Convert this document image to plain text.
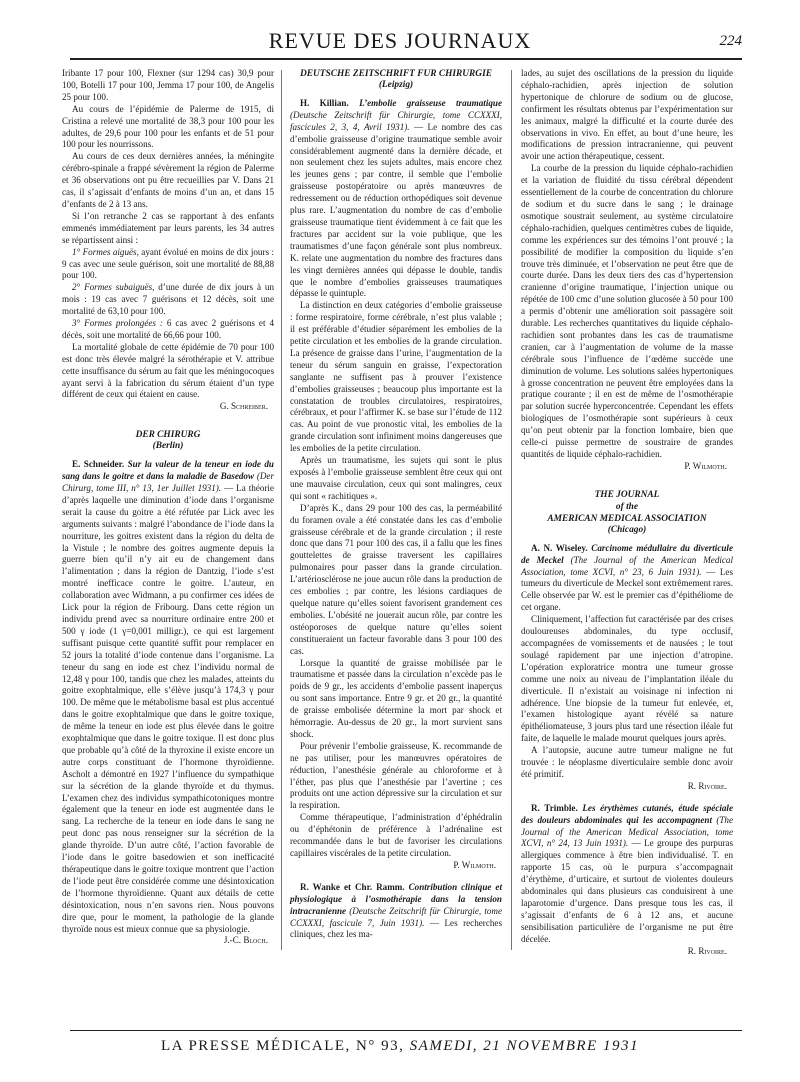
REVUE DES JOURNAUX	224

Iribante 17 pour 100, Flexner (sur 1294 cas) 30,9 pour 100, Botelli 17 pour 100, Jemma 17 pour 100, de Angelis 25 pour 100.

Au cours de l’épidémie de Palerme de 1915, di Cristina a relevé une mortalité de 38,3 pour 100 pour les adultes, de 29,6 pour 100 pour les enfants et de 51 pour 100 pour les nourrissons.

Au cours de ces deux dernières années, la méningite cérébro-spinale a frappé sévèrement la région de Palerme et 36 observations ont pu être recueillies par V. Dans 21 cas, il s’agissait d’enfants de moins d’un an, et dans 15 d’enfants de 2 à 13 ans.

Si l’on retranche 2 cas se rapportant à des enfants emmenés immédiatement par leurs parents, les 34 autres se répartissent ainsi :

1° Formes aiguës, ayant évolué en moins de dix jours : 9 cas avec une seule guérison, soit une mortalité de 88,88 pour 100.

2° Formes subaiguës, d’une durée de dix jours à un mois : 19 cas avec 7 guérisons et 12 décès, soit une mortalité de 63,10 pour 100.

3° Formes prolongées : 6 cas avec 2 guérisons et 4 décès, soit une mortalité de 66,66 pour 100.

La mortalité globale de cette épidémie de 70 pour 100 est donc très élevée malgré la sérothérapie et V. attribue cette insuffisance du sérum au fait que les méningocoques ayant servi à la fabrication du sérum étaient d’un type différent de ceux qui étaient en cause.

G. Schreiber.
DER CHIRURG
(Berlin)

E. Schneider. Sur la valeur de la teneur en iode du sang dans le goitre et dans la maladie de Basedow (Der Chirurg, tome III, n° 13, 1er Juillet 1931). — La théorie d’après laquelle une diminution d’iode dans l’organisme serait la cause du goitre a été réfutée par Lick avec les arguments suivants : malgré l’abondance de l’iode dans la nourriture, les goitres existent dans la région du delta de la Vistule ; le nombre des goitres augmente depuis la guerre bien qu’il n’y ait eu de changement dans l’alimentation ; dans la région de Dantzig, l’iode s’est montré inefficace contre le goitre. L’auteur, en collaboration avec Widmann, a pu confirmer ces idées de Lick pour la région de Fribourg. Dans cette région un individu prend avec sa nourriture ordinaire entre 200 et 500 γ iode (1 γ=0,001 milligr.), ce qui est largement suffisant puisque cette quantité suffit pour remplacer en 52 jours la totalité d’iode contenue dans l’organisme. La teneur du sang en iode est chez l’individu normal de 12,48 γ pour 100, tandis que chez les malades, atteints du goitre exophtalmique, elle s’élève jusqu’à 174,3 γ pour 100. De même que le métabolisme basal est plus accentué dans le goitre exophtalmique que dans le goitre toxique, de même la teneur en iode est plus élevée dans le goitre exophtalmique que dans le goitre toxique. Il est donc plus que probable qu’à côté de la thyroxine il existe encore un autre corps constituant de l’hormone thyroïdienne. Ascholt a démontré en 1927 l’influence du sympathique sur la sécrétion de la glande thyroïde et du thymus. L’examen chez des individus sympathicotoniques montre également que la teneur en iode est augmentée dans le sang. La recherche de la teneur en iode dans le sang ne peut donc pas nous renseigner sur la sécrétion de la glande thyroïde. D’un autre côté, l’action favorable de l’iode dans le goitre basedowien et son inefficacité thérapeutique dans le goitre toxique montrent que l’action de l’iode peut être considérée comme une désintoxication de l’hormone thyroïdienne. Quant aux détails de cette désintoxication, nous n’en savons rien. Nous pouvons dire que, pour le moment, la pathologie de la glande thyroïde nous est mieux connue que sa physiologie.

J.-C. Bloch.
DEUTSCHE ZEITSCHRIFT FUR CHIRURGIE
(Leipzig)

H. Killian. L’embolie graisseuse traumatique (Deutsche Zeitschrift für Chirurgie, tome CCXXXI, fascicules 2, 3, 4, Avril 1931). — Le nombre des cas d’embolie graisseuse d’origine traumatique semble avoir considérablement augmenté dans la dernière décade, et non seulement chez les sujets adultes, mais encore chez les jeunes gens ; par contre, il semble que l’embolie graisseuse postopératoire ou après manœuvres de redressement ou de réduction orthopédiques soit devenue plus rare. L’augmentation du nombre de cas d’embolie graisseuse traumatique tient évidemment à ce fait que les fractures par accident sur la voie publique, que les traumatismes d’une façon générale sont plus nombreux. K. relate une augmentation du nombre des fractures dans les vingt dernières années qui dépasse le double, tandis que le nombre d’embolies graisseuses traumatiques dépasse le quintuple.

La distinction en deux catégories d’embolie graisseuse : forme respiratoire, forme cérébrale, n’est plus valable ; il est préférable d’étudier séparément les embolies de la petite circulation et les embolies de la grande circulation. La présence de graisse dans l’urine, l’augmentation de la teneur du sérum sanguin en graisse, l’expectoration sanglante ne suffisent pas à prouver l’existence d’embolies graisseuses ; beaucoup plus importante est la constatation de troubles circulatoires, respiratoires, cérébraux, et pour l’affirmer K. se base sur l’étude de 112 cas. Au point de vue pronostic vital, les embolies de la grande circulation sont infiniment moins dangereuses que les embolies de la petite circulation.

Après un traumatisme, les sujets qui sont le plus exposés à l’embolie graisseuse semblent être ceux qui ont une mauvaise circulation, ceux qui sont malingres, ceux qui sont « rachitiques ».

D’après K., dans 29 pour 100 des cas, la perméabilité du foramen ovale a été constatée dans les cas d’embolie graisseuse cérébrale et de la grande circulation ; il reste donc que dans 71 pour 100 des cas, il a fallu que les fines gouttelettes de graisse traversent les capillaires pulmonaires pour passer dans la grande circulation. L’artériosclérose ne joue aucun rôle dans la production de ces embolies ; par contre, les lésions cardiaques de quelque nature qu’elles soient favorisent grandement ces embolies. L’obésité ne jouerait aucun rôle, par contre les ostéoporoses de quelque nature qu’elles soient constitueraient un facteur favorable dans 3 pour 100 des cas.

Lorsque la quantité de graisse mobilisée par le traumatisme et passée dans la circulation n’excède pas le poids de 9 gr., les accidents d’embolie passent inaperçus ou sont sans importance. Entre 9 gr. et 20 gr., la quantité de graisse embolisée détermine la mort par shock et hémorragie. Au-dessus de 20 gr., la mort survient sans shock.

Pour prévenir l’embolie graisseuse, K. recommande de ne pas utiliser, pour les manœuvres opératoires de réduction, l’anesthésie générale au chloroforme et à l’éther, pas plus que l’anesthésie par l’avertine ; ces produits ont une action dépressive sur la circulation et sur la respiration.

Comme thérapeutique, l’administration d’éphédralin ou d’éphétonin de préférence à l’adrénaline est recommandée dans le but de favoriser les circulations capillaires viscérales de la petite circulation.

P. Wilmoth.

R. Wanke et Chr. Ramm. Contribution clinique et physiologique à l’osmothérapie dans la tension intracranienne (Deutsche Zeitschrift für Chirurgie, tome CCXXXI, fascicule 7, Juin 1931). — Les recherches cliniques, chez les ma-

lades, au sujet des oscillations de la pression du liquide céphalo-rachidien, après injection de solution hypertonique de chlorure de sodium ou de glucose, confirment les résultats obtenus par l’expérimentation sur les animaux, malgré la difficulté et la courte durée des observations in vivo. En effet, au bout d’une heure, les modifications de pression intracranienne, qui peuvent avoir une action thérapeutique, cessent.

La courbe de la pression du liquide céphalo-rachidien et la variation de fluidité du tissu cérébral dépendent essentiellement de la courbe de concentration du chlorure de sodium et du sucre dans le sang ; le drainage osmotique soustrait seulement, au système circulatoire céphalo-rachidien, quelques centimètres cubes de liquide, comme les expériences sur des témoins l’ont prouvé ; la possibilité de modifier la composition du liquide s’en trouve très diminuée, et l’observation ne peut être que de courte durée. Dans les deux tiers des cas d’hypertension cranienne d’origine traumatique, l’injection unique ou répétée de 100 cmc d’une solution glucosée à 50 pour 100 a permis d’obtenir une amélioration soit passagère soit durable. Les recherches quantitatives du liquide céphalo-rachidien sont probantes dans les cas de traumatisme cranien, car à l’augmentation de volume de la masse cérébrale sous l’influence de l’œdème succède une diminution de volume. Les solutions salées hypertoniques à grosse concentration ne peuvent être employées dans la pratique courante ; il en est de même de l’osmothérapie par solution sucrée hyperconcentrée. Cependant les effets biologiques de l’osmothérapie sont supérieurs à ceux qu’on peut obtenir par la fonction lombaire, bien que celle-ci puisse permettre de soustraire de grandes quantités de liquide céphalo-rachidien.

P. Wilmoth.
THE JOURNAL
of the
AMERICAN MEDICAL ASSOCIATION
(Chicago)

A. N. Wiseley. Carcinome médullaire du diverticule de Meckel (The Journal of the American Medical Association, tome XCVI, n° 23, 6 Juin 1931). — Les tumeurs du diverticule de Meckel sont extrêmement rares. Celle observée par W. est le premier cas d’épithéliome de cet organe.

Cliniquement, l’affection fut caractérisée par des crises douloureuses abdominales, du type occlusif, accompagnées de vomissements et de nausées ; le tout soulagé rapidement par une injection d’atropine. L’opération exploratrice montra une tumeur grosse comme une noix au niveau de l’implantation iléale du diverticule. Il n’existait au voisinage ni infection ni adhérence. Une biopsie de la tumeur fut enlevée, et, l’examen histologique ayant révélé sa nature épithéliomateuse, 3 jours plus tard une résection iléale fut faite, de laquelle le malade mourut quelques jours après.

A l’autopsie, aucune autre tumeur maligne ne fut trouvée : le néoplasme diverticulaire semble donc avoir été primitif.

R. Rivoire.

R. Trimble. Les érythèmes cutanés, étude spéciale des douleurs abdominales qui les accompagnent (The Journal of the American Medical Association, tome XCVI, n° 24, 13 Juin 1931). — Le groupe des purpuras allergiques commence à être bien individualisé. T. en rapporte 15 cas, où le purpura s’accompagnait d’érythème, d’urticaire, et surtout de violentes douleurs abdominales qui dans plusieurs cas conduisirent à une laparotomie d’urgence. Dans presque tous les cas, il s’agissait d’enfants de 6 à 12 ans, et aucune sensibilisation particulière de l’organisme ne put être décelée.

R. Rivoire.
LA PRESSE MÉDICALE, N° 93, SAMEDI, 21 NOVEMBRE 1931
